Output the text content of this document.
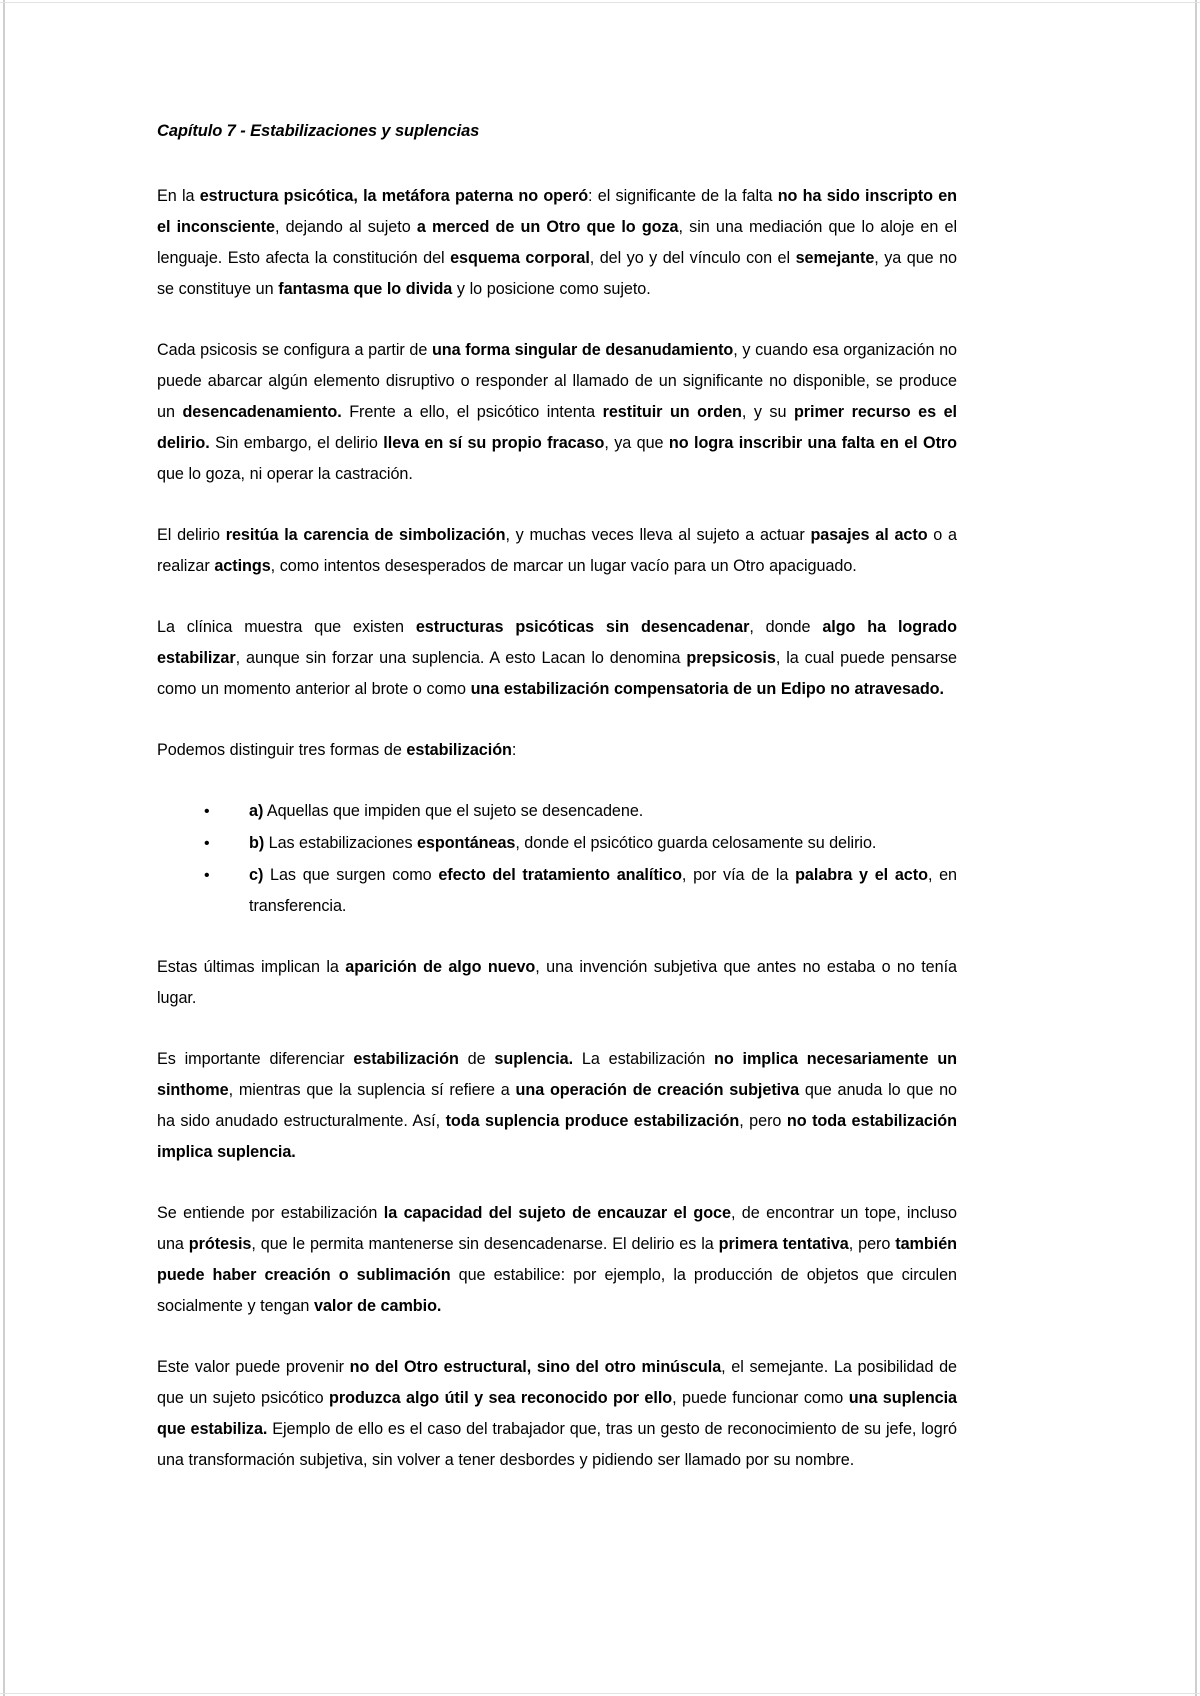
Capítulo 7 - Estabilizaciones y suplencias

En la estructura psicótica, la metáfora paterna no operó: el significante de la falta no ha sido inscripto en el inconsciente, dejando al sujeto a merced de un Otro que lo goza, sin una mediación que lo aloje en el lenguaje. Esto afecta la constitución del esquema corporal, del yo y del vínculo con el semejante, ya que no se constituye un fantasma que lo divida y lo posicione como sujeto.

Cada psicosis se configura a partir de una forma singular de desanudamiento, y cuando esa organización no puede abarcar algún elemento disruptivo o responder al llamado de un significante no disponible, se produce un desencadenamiento. Frente a ello, el psicótico intenta restituir un orden, y su primer recurso es el delirio. Sin embargo, el delirio lleva en sí su propio fracaso, ya que no logra inscribir una falta en el Otro que lo goza, ni operar la castración.

El delirio resitúa la carencia de simbolización, y muchas veces lleva al sujeto a actuar pasajes al acto o a realizar actings, como intentos desesperados de marcar un lugar vacío para un Otro apaciguado.

La clínica muestra que existen estructuras psicóticas sin desencadenar, donde algo ha logrado estabilizar, aunque sin forzar una suplencia. A esto Lacan lo denomina prepsicosis, la cual puede pensarse como un momento anterior al brote o como una estabilización compensatoria de un Edipo no atravesado.

Podemos distinguir tres formas de estabilización:

• a) Aquellas que impiden que el sujeto se desencadene.
• b) Las estabilizaciones espontáneas, donde el psicótico guarda celosamente su delirio.
• c) Las que surgen como efecto del tratamiento analítico, por vía de la palabra y el acto, en transferencia.

Estas últimas implican la aparición de algo nuevo, una invención subjetiva que antes no estaba o no tenía lugar.

Es importante diferenciar estabilización de suplencia. La estabilización no implica necesariamente un sinthome, mientras que la suplencia sí refiere a una operación de creación subjetiva que anuda lo que no ha sido anudado estructuralmente. Así, toda suplencia produce estabilización, pero no toda estabilización implica suplencia.

Se entiende por estabilización la capacidad del sujeto de encauzar el goce, de encontrar un tope, incluso una prótesis, que le permita mantenerse sin desencadenarse. El delirio es la primera tentativa, pero también puede haber creación o sublimación que estabilice: por ejemplo, la producción de objetos que circulen socialmente y tengan valor de cambio.

Este valor puede provenir no del Otro estructural, sino del otro minúscula, el semejante. La posibilidad de que un sujeto psicótico produzca algo útil y sea reconocido por ello, puede funcionar como una suplencia que estabiliza. Ejemplo de ello es el caso del trabajador que, tras un gesto de reconocimiento de su jefe, logró una transformación subjetiva, sin volver a tener desbordes y pidiendo ser llamado por su nombre.
